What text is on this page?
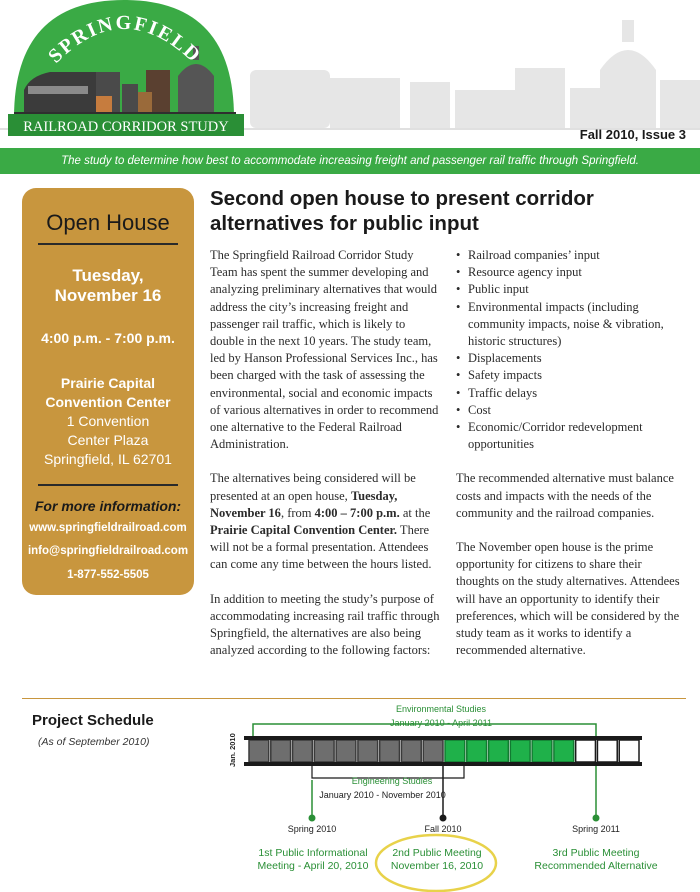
RAILROAD CORRIDOR STUDY
SPRINGFIELD
Fall 2010, Issue 3
The study to determine how best to accommodate increasing freight and passenger rail traffic through Springfield.
Open House
Tuesday,
November 16
4:00 p.m. - 7:00 p.m.
Prairie Capital
Convention Center
1 Convention
Center Plaza
Springfield, IL 62701
For more information:
www.springfieldrailroad.com
info@springfieldrailroad.com
1-877-552-5505
Second open house to present corridor
alternatives for public input

The Springfield Railroad Corridor Study Team has spent the summer developing and analyzing preliminary alternatives that would address the city’s increasing freight and passenger rail traffic, which is likely to double in the next 10 years. The study team, led by Hanson Professional Services Inc., has been charged with the task of assessing the environmental, social and economic impacts of various alternatives in order to recommend one alternative to the Federal Railroad Administration.

The alternatives being considered will be presented at an open house, Tuesday, November 16, from 4:00 – 7:00 p.m. at the Prairie Capital Convention Center. There will not be a formal presentation. Attendees can come any time between the hours listed.

In addition to meeting the study’s purpose of accommodating increasing rail traffic through Springfield, the alternatives are also being analyzed according to the following factors:

• Railroad companies’ input
• Resource agency input
• Public input
• Environmental impacts (including community impacts, noise & vibration, historic structures)
• Displacements
• Safety impacts
• Traffic delays
• Cost
• Economic/Corridor redevelopment opportunities

The recommended alternative must balance costs and impacts with the needs of the community and the railroad companies.

The November open house is the prime opportunity for citizens to share their thoughts on the study alternatives. Attendees will have an opportunity to identify their preferences, which will be considered by the study team as it works to identify a recommended alternative.

Project Schedule
(As of September 2010)
Environmental Studies
January 2010 - April 2011
Jan. 2010
Engineering Studies
January 2010 - November 2010
Spring 2010
1st Public Informational
Meeting - April 20, 2010
Fall 2010
2nd Public Meeting
November 16, 2010
Spring 2011
3rd Public Meeting
Recommended Alternative
